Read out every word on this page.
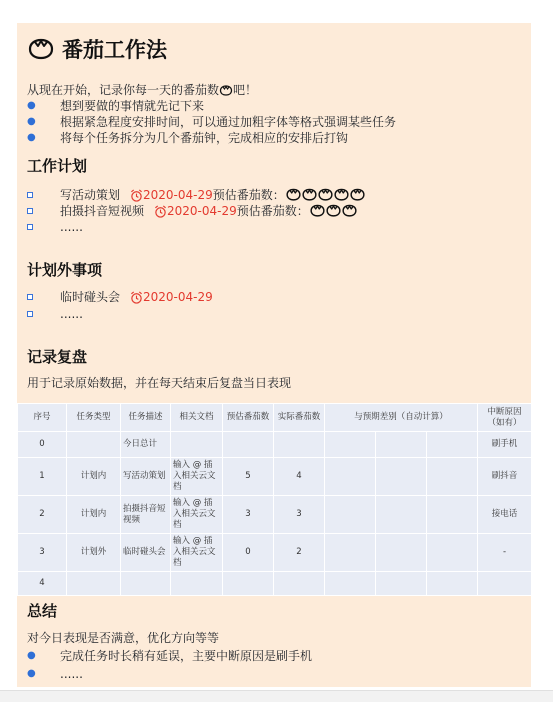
番茄工作法
从现在开始，记录你每一天的番茄数 吧！
● 想到要做的事情就先记下来
● 根据紧急程度安排时间，可以通过加粗字体等格式强调某些任务
● 将每个任务拆分为几个番茄钟，完成相应的安排后打钩
工作计划
写活动策划 2020-04-29 预估番茄数：
拍摄抖音短视频 2020-04-29 预估番茄数：
......
计划外事项
临时碰头会 2020-04-29
......
记录复盘
用于记录原始数据，并在每天结束后复盘当日表现
序号	任务类型	任务描述	相关文档	预估番茄数	实际番茄数	与预期差别（自动计算）			中断原因（如有）
0		今日总计							刷手机
1	计划内	写活动策划	输入 @ 插入相关云文档	5	4				刷抖音
2	计划内	拍摄抖音短视频	输入 @ 插入相关云文档	3	3				接电话
3	计划外	临时碰头会	输入 @ 插入相关云文档	0	2				-
4									
总结
对今日表现是否满意，优化方向等等
● 完成任务时长稍有延误，主要中断原因是刷手机
● ......
